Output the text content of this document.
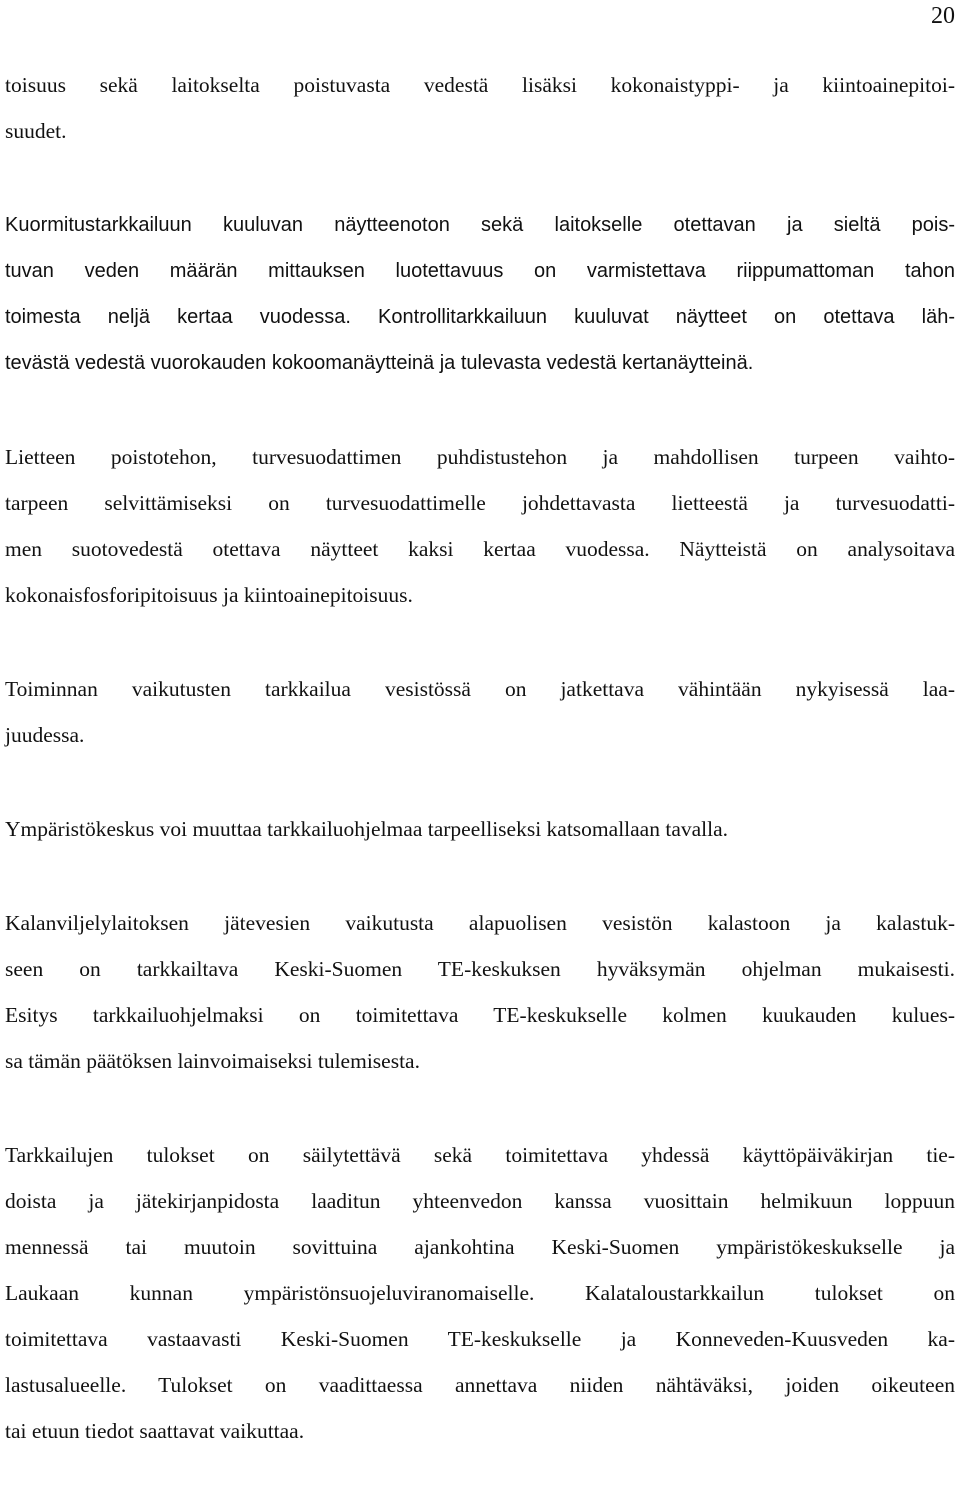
20
toisuus sekä laitokselta poistuvasta vedestä lisäksi kokonaistyppi- ja kiintoainepitoi-
suudet.
Kuormitustarkkailuun kuuluvan näytteenoton sekä laitokselle otettavan ja sieltä pois-
tuvan veden määrän mittauksen luotettavuus on varmistettava riippumattoman tahon
toimesta neljä kertaa vuodessa. Kontrollitarkkailuun kuuluvat näytteet on otettava läh-
tevästä vedestä vuorokauden kokoomanäytteinä ja tulevasta vedestä kertanäytteinä.
Lietteen poistotehon, turvesuodattimen puhdistustehon ja mahdollisen turpeen vaihto-
tarpeen selvittämiseksi on turvesuodattimelle johdettavasta lietteestä ja turvesuodatti-
men suotovedestä otettava näytteet kaksi kertaa vuodessa. Näytteistä on analysoitava
kokonaisfosforipitoisuus ja kiintoainepitoisuus.
Toiminnan vaikutusten tarkkailua vesistössä on jatkettava vähintään nykyisessä laa-
juudessa.
Ympäristökeskus voi muuttaa tarkkailuohjelmaa tarpeelliseksi katsomallaan tavalla.
Kalanviljelylaitoksen jätevesien vaikutusta alapuolisen vesistön kalastoon ja kalastuk-
seen on tarkkailtava Keski-Suomen TE-keskuksen hyväksymän ohjelman mukaisesti.
Esitys tarkkailuohjelmaksi on toimitettava TE-keskukselle kolmen kuukauden kulues-
sa tämän päätöksen lainvoimaiseksi tulemisesta.
Tarkkailujen tulokset on säilytettävä sekä toimitettava yhdessä käyttöpäiväkirjan tie-
doista ja jätekirjanpidosta laaditun yhteenvedon kanssa vuosittain helmikuun loppuun
mennessä tai muutoin sovittuina ajankohtina Keski-Suomen ympäristökeskukselle ja
Laukaan kunnan ympäristönsuojeluviranomaiselle. Kalataloustarkkailun tulokset on
toimitettava vastaavasti Keski-Suomen TE-keskukselle ja Konneveden-Kuusveden ka-
lastusalueelle. Tulokset on vaadittaessa annettava niiden nähtäväksi, joiden oikeuteen
tai etuun tiedot saattavat vaikuttaa.
